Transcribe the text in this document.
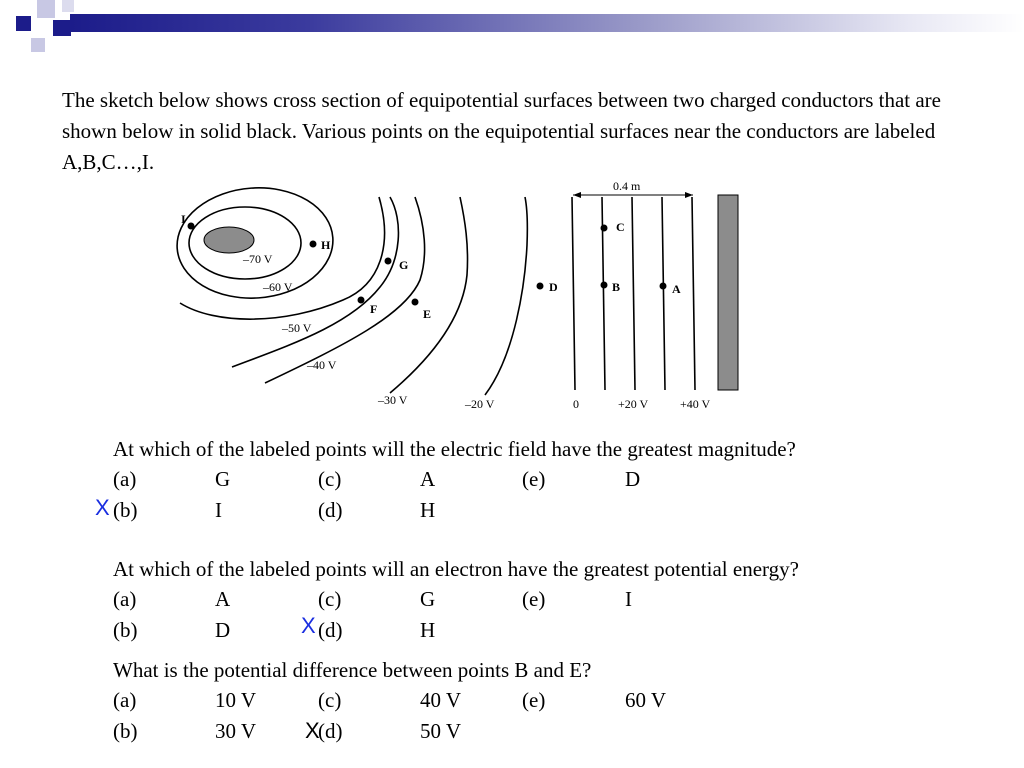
The sketch below shows cross section of equipotential surfaces between two charged conductors that are shown below in solid black. Various points on the equipotential surfaces near the conductors are labeled A,B,C…,I.

0.4 m
–70 V
–60 V
–50 V
–40 V
–30 V	–20 V	0	+20 V	+40 V
I
H
G
F	E
D
C
B	A
At which of the labeled points will the electric field have the greatest magnitude?
(a)	G	(c)	A	(e)	D
(b)	I	(d)	H
At which of the labeled points will an electron have the greatest potential energy?
(a)	A	(c)	G	(e)	I
(b)	D	(d)	H
What is the potential difference between points B and E?
(a)	10 V	(c)	40 V	(e)	60 V
(b)	30 V	(d)	50 V
X
X
X
